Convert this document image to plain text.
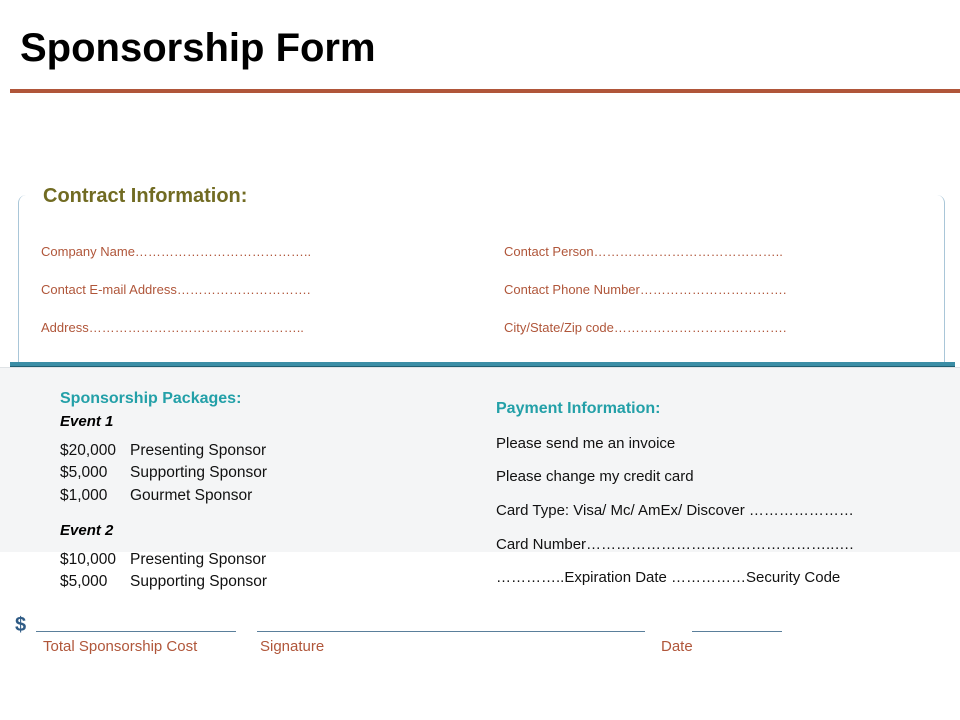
Sponsorship Form
Contract Information:
Company Name…………………………………..	Contact Person……………………………………..
Contact E-mail Address………………………….	Contact Phone Number…………………………….
Address…………………………………………..	City/State/Zip code………………………………….
Sponsorship Packages:
Event 1
$20,000 Presenting Sponsor
$5,000 Supporting Sponsor
$1,000 Gourmet Sponsor
Event 2
$10,000 Presenting Sponsor
$5,000 Supporting Sponsor
Payment Information:
Please send me an invoice
Please change my credit card
Card Type: Visa/ Mc/ AmEx/ Discover …………………
Card Number…………………………………………..….
…………..Expiration Date ……………Security Code
$
Total Sponsorship Cost	Signature	Date
